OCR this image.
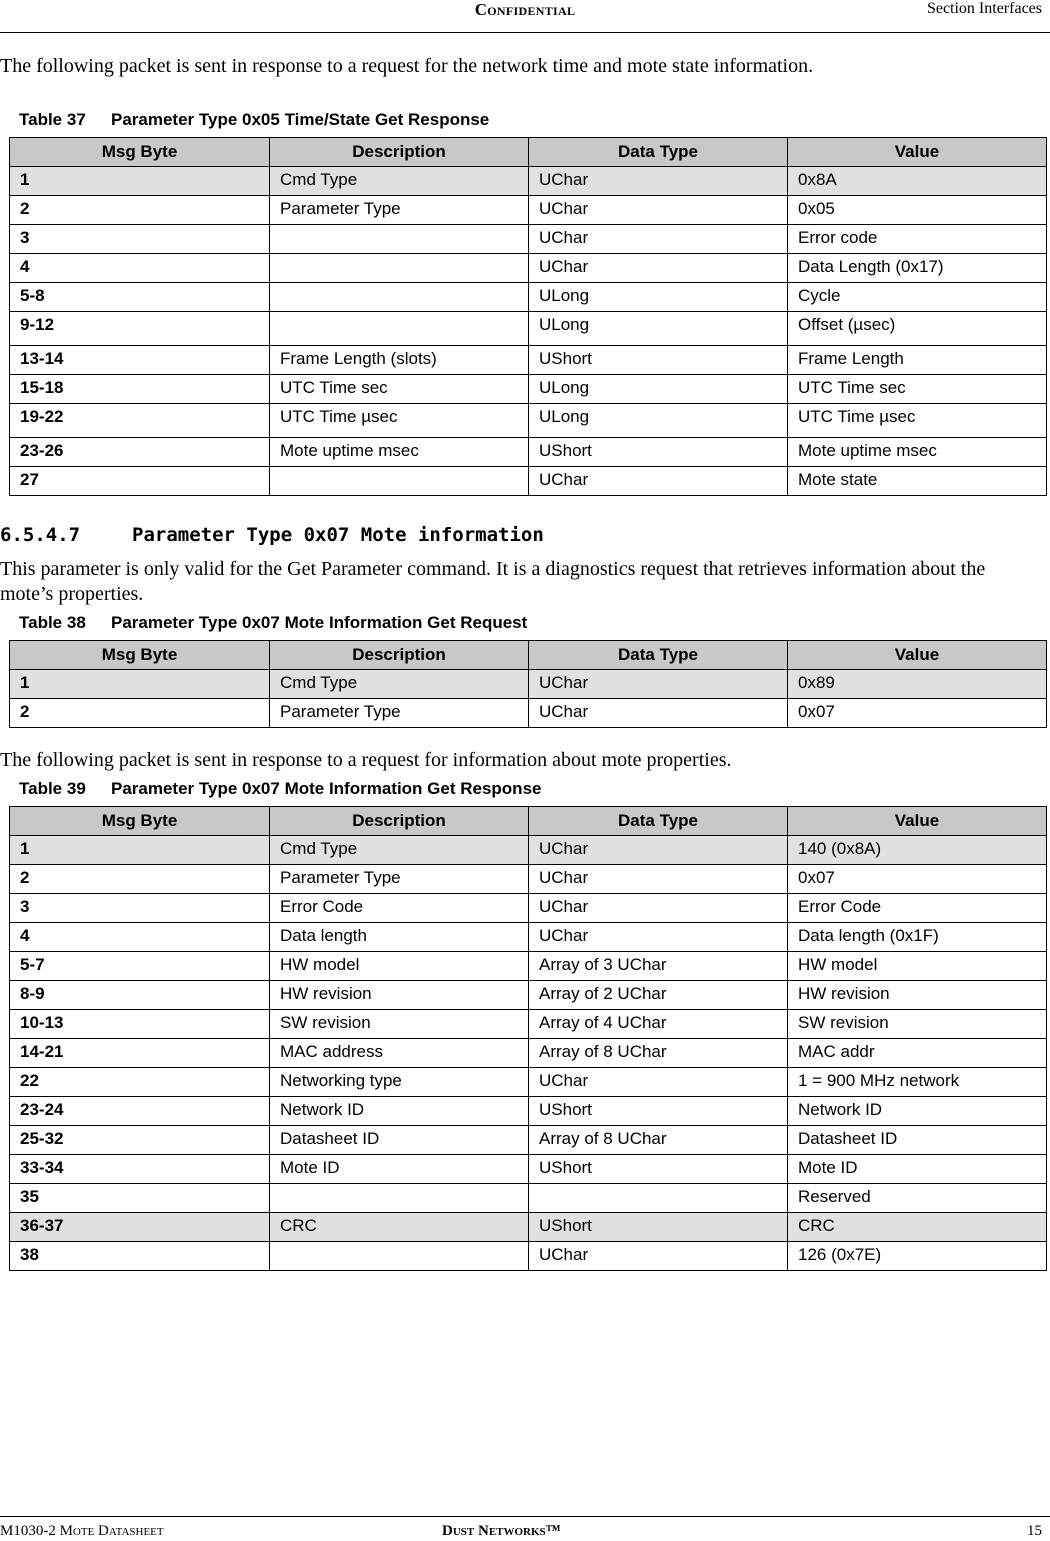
Confidential	Section Interfaces
The following packet is sent in response to a request for the network time and mote state information.
Table 37 Parameter Type 0x05 Time/State Get Response
Msg Byte	Description	Data Type	Value
1	Cmd Type	UChar	0x8A
2	Parameter Type	UChar	0x05
3		UChar	Error code
4		UChar	Data Length (0x17)
5-8		ULong	Cycle
9-12		ULong	Offset (µsec)
13-14	Frame Length (slots)	UShort	Frame Length
15-18	UTC Time sec	ULong	UTC Time sec
19-22	UTC Time µsec	ULong	UTC Time µsec
23-26	Mote uptime msec	UShort	Mote uptime msec
27		UChar	Mote state
6.5.4.7	Parameter Type 0x07 Mote information
This parameter is only valid for the Get Parameter command. It is a diagnostics request that retrieves information about the mote’s properties.
Table 38 Parameter Type 0x07 Mote Information Get Request
Msg Byte	Description	Data Type	Value
1	Cmd Type	UChar	0x89
2	Parameter Type	UChar	0x07
The following packet is sent in response to a request for information about mote properties.
Table 39 Parameter Type 0x07 Mote Information Get Response
Msg Byte	Description	Data Type	Value
1	Cmd Type	UChar	140 (0x8A)
2	Parameter Type	UChar	0x07
3	Error Code	UChar	Error Code
4	Data length	UChar	Data length (0x1F)
5-7	HW model	Array of 3 UChar	HW model
8-9	HW revision	Array of 2 UChar	HW revision
10-13	SW revision	Array of 4 UChar	SW revision
14-21	MAC address	Array of 8 UChar	MAC addr
22	Networking type	UChar	1 = 900 MHz network
23-24	Network ID	UShort	Network ID
25-32	Datasheet ID	Array of 8 UChar	Datasheet ID
33-34	Mote ID	UShort	Mote ID
35			Reserved
36-37	CRC	UShort	CRC
38		UChar	126 (0x7E)
M1030-2 Mote Datasheet	Dust Networks™	15
